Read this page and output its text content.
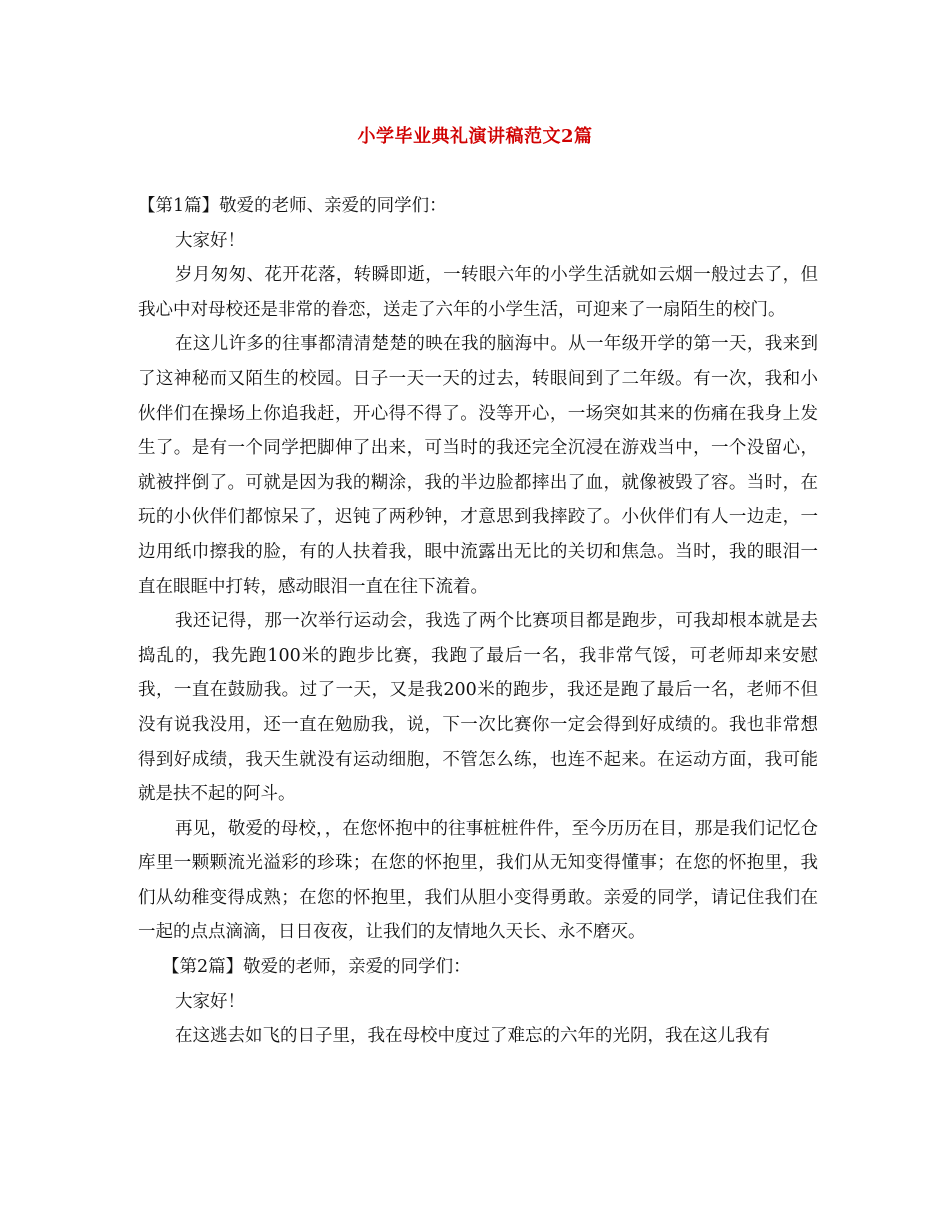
小学毕业典礼演讲稿范文2篇

【第1篇】敬爱的老师、亲爱的同学们：

大家好！

岁月匆匆、花开花落，转瞬即逝，一转眼六年的小学生活就如云烟一般过去了，但我心中对母校还是非常的眷恋，送走了六年的小学生活，可迎来了一扇陌生的校门。

在这儿许多的往事都清清楚楚的映在我的脑海中。从一年级开学的第一天，我来到了这神秘而又陌生的校园。日子一天一天的过去，转眼间到了二年级。有一次，我和小伙伴们在操场上你追我赶，开心得不得了。没等开心，一场突如其来的伤痛在我身上发生了。是有一个同学把脚伸了出来，可当时的我还完全沉浸在游戏当中，一个没留心，就被拌倒了。可就是因为我的糊涂，我的半边脸都摔出了血，就像被毁了容。当时，在玩的小伙伴们都惊呆了，迟钝了两秒钟，才意思到我摔跤了。小伙伴们有人一边走，一边用纸巾擦我的脸，有的人扶着我，眼中流露出无比的关切和焦急。当时，我的眼泪一直在眼眶中打转，感动眼泪一直在往下流着。

我还记得，那一次举行运动会，我选了两个比赛项目都是跑步，可我却根本就是去捣乱的，我先跑100米的跑步比赛，我跑了最后一名，我非常气馁，可老师却来安慰我，一直在鼓励我。过了一天，又是我200米的跑步，我还是跑了最后一名，老师不但没有说我没用，还一直在勉励我，说，下一次比赛你一定会得到好成绩的。我也非常想得到好成绩，我天生就没有运动细胞，不管怎么练，也连不起来。在运动方面，我可能就是扶不起的阿斗。

再见，敬爱的母校，，在您怀抱中的往事桩桩件件，至今历历在目，那是我们记忆仓库里一颗颗流光溢彩的珍珠；在您的怀抱里，我们从无知变得懂事；在您的怀抱里，我们从幼稚变得成熟；在您的怀抱里，我们从胆小变得勇敢。亲爱的同学，请记住我们在一起的点点滴滴，日日夜夜，让我们的友情地久天长、永不磨灭。

【第2篇】敬爱的老师，亲爱的同学们：

大家好！

在这逃去如飞的日子里，我在母校中度过了难忘的六年的光阴，我在这儿我有
